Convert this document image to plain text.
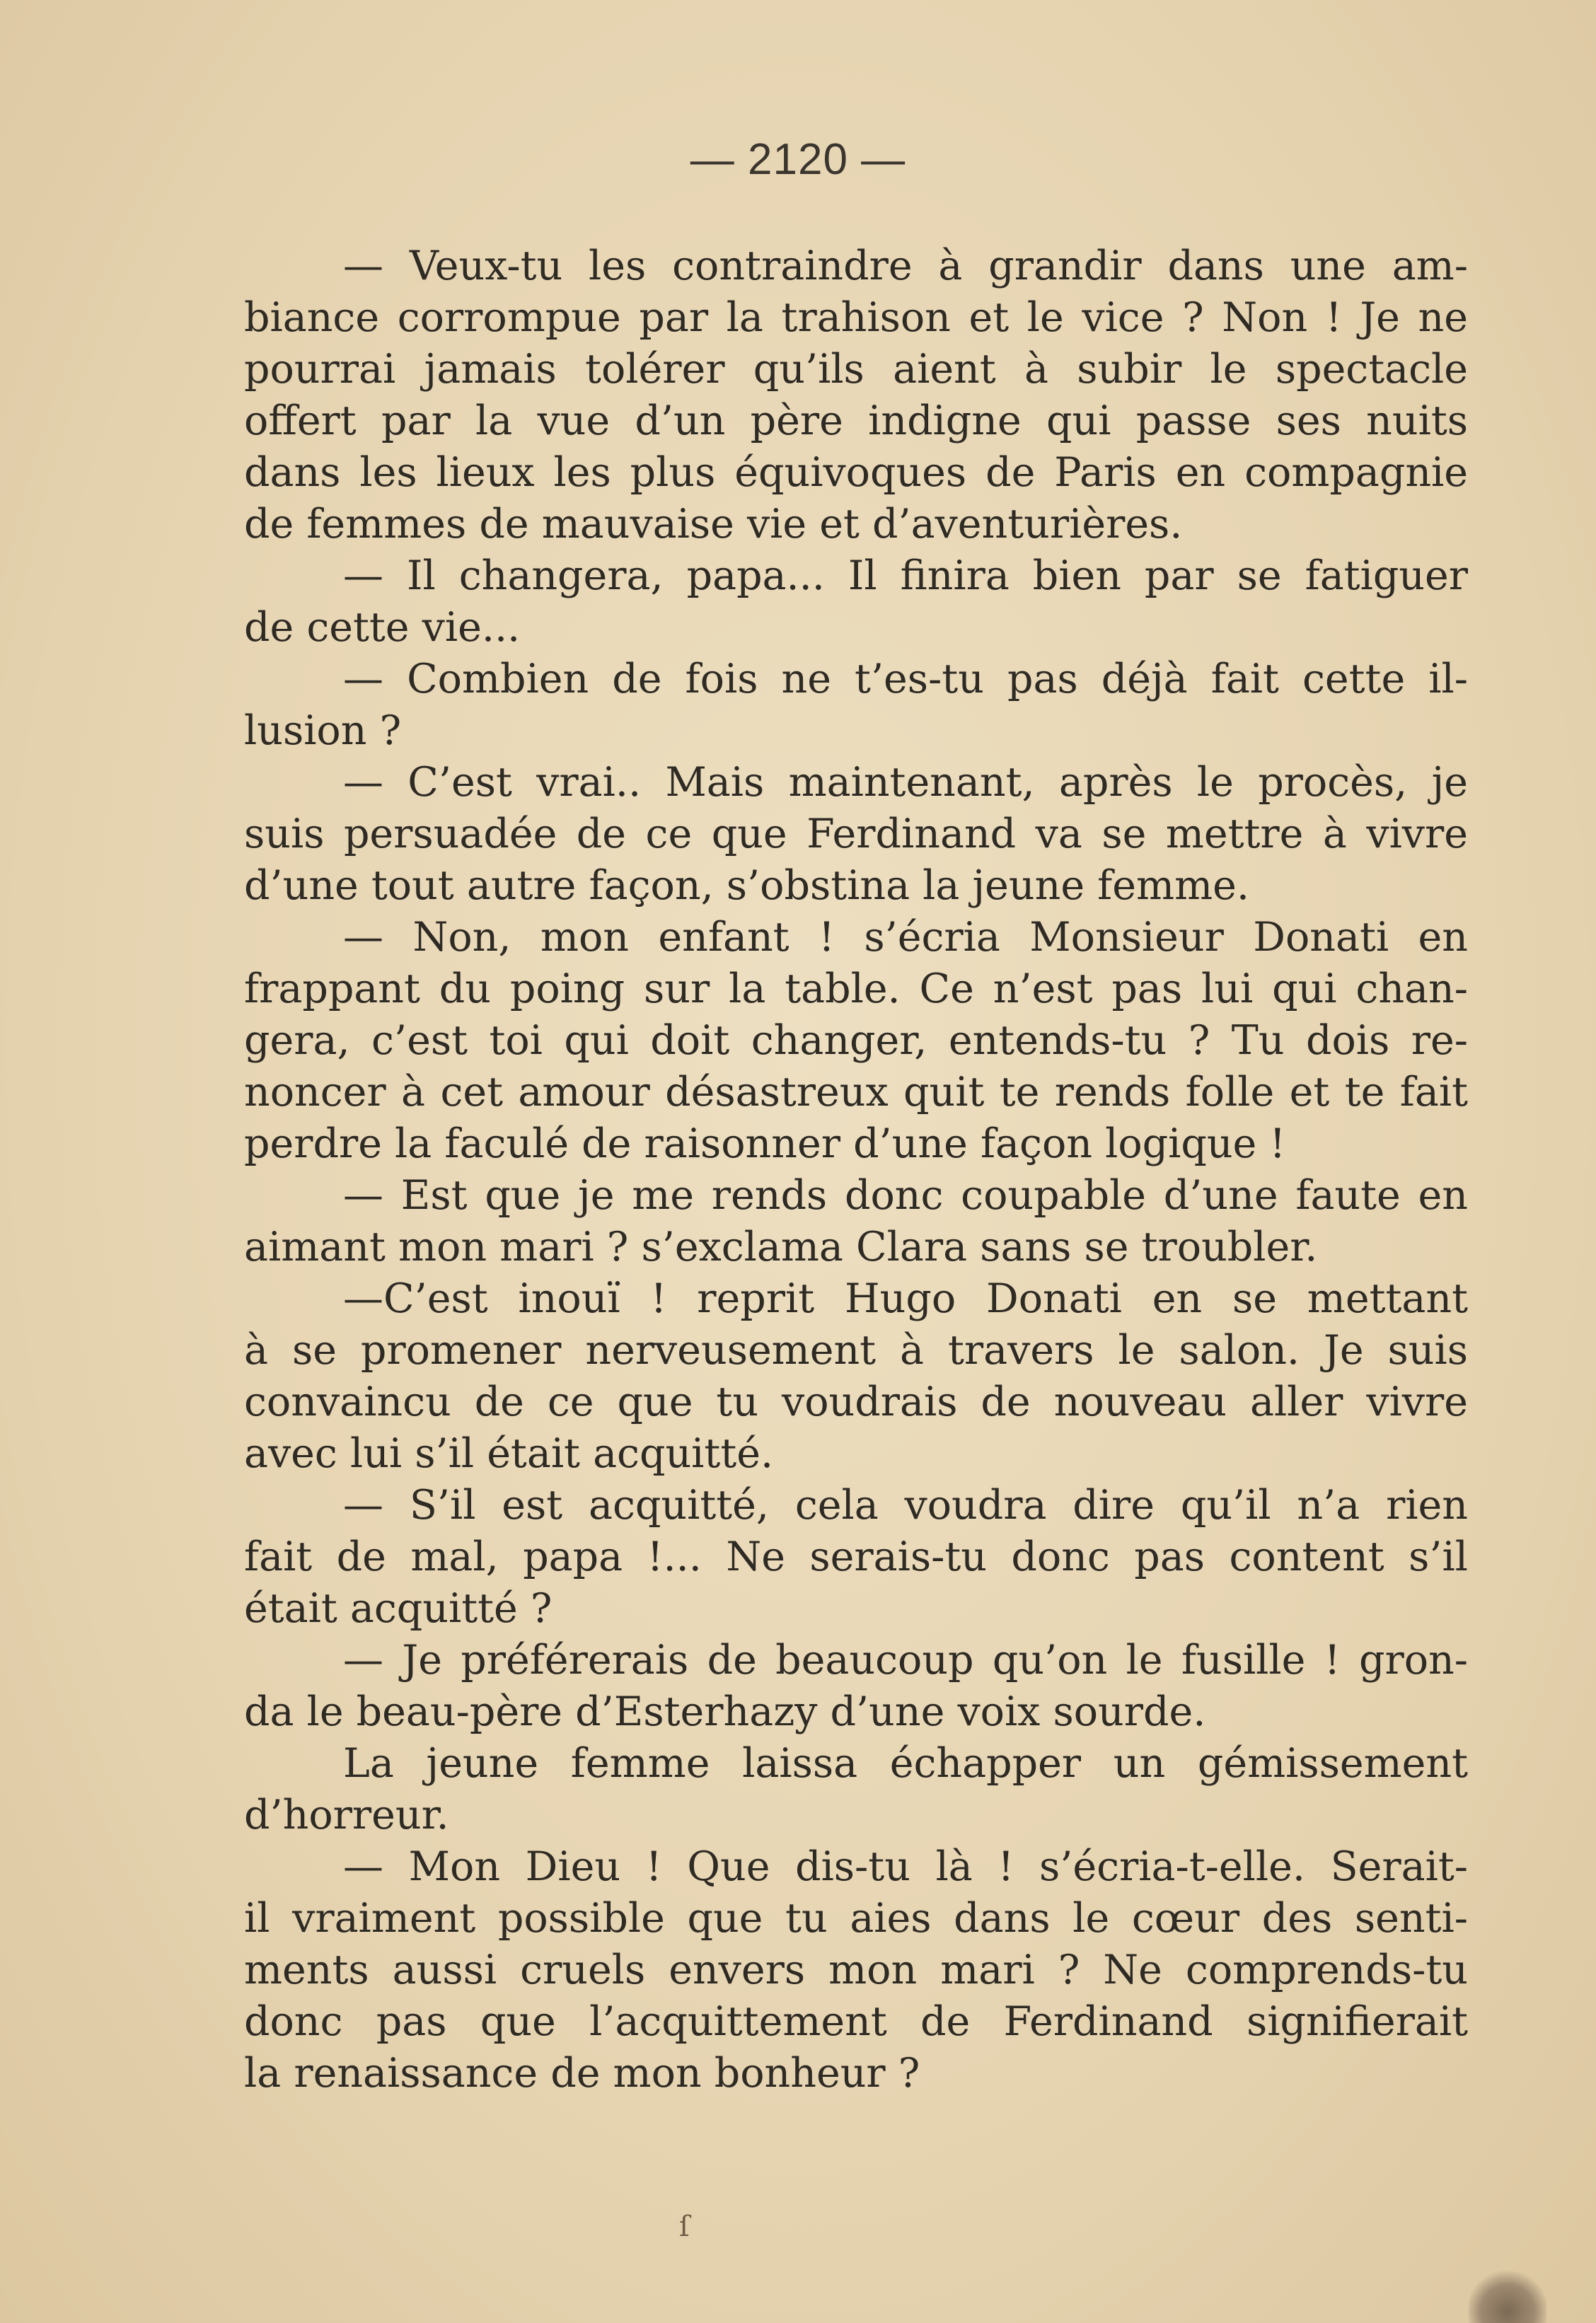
— 2120 —
— Veux-tu les contraindre à grandir dans une am-
biance corrompue par la trahison et le vice ? Non ! Je ne
pourrai jamais tolérer qu’ils aient à subir le spectacle
offert par la vue d’un père indigne qui passe ses nuits
dans les lieux les plus équivoques de Paris en compagnie
de femmes de mauvaise vie et d’aventurières.
— Il changera, papa... Il finira bien par se fatiguer
de cette vie...
— Combien de fois ne t’es-tu pas déjà fait cette il-
lusion ?
— C’est vrai.. Mais maintenant, après le procès, je
suis persuadée de ce que Ferdinand va se mettre à vivre
d’une tout autre façon, s’obstina la jeune femme.
— Non, mon enfant ! s’écria Monsieur Donati en
frappant du poing sur la table. Ce n’est pas lui qui chan-
gera, c’est toi qui doit changer, entends-tu ? Tu dois re-
noncer à cet amour désastreux quit te rends folle et te fait
perdre la faculé de raisonner d’une façon logique !
— Est que je me rends donc coupable d’une faute en
aimant mon mari ? s’exclama Clara sans se troubler.
—C’est inouï ! reprit Hugo Donati en se mettant
à se promener nerveusement à travers le salon. Je suis
convaincu de ce que tu voudrais de nouveau aller vivre
avec lui s’il était acquitté.
— S’il est acquitté, cela voudra dire qu’il n’a rien
fait de mal, papa !... Ne serais-tu donc pas content s’il
était acquitté ?
— Je préférerais de beaucoup qu’on le fusille ! gron-
da le beau-père d’Esterhazy d’une voix sourde.
La jeune femme laissa échapper un gémissement
d’horreur.
— Mon Dieu ! Que dis-tu là ! s’écria-t-elle. Serait-
il vraiment possible que tu aies dans le cœur des senti-
ments aussi cruels envers mon mari ? Ne comprends-tu
donc pas que l’acquittement de Ferdinand signifierait
la renaissance de mon bonheur ?
ſ
